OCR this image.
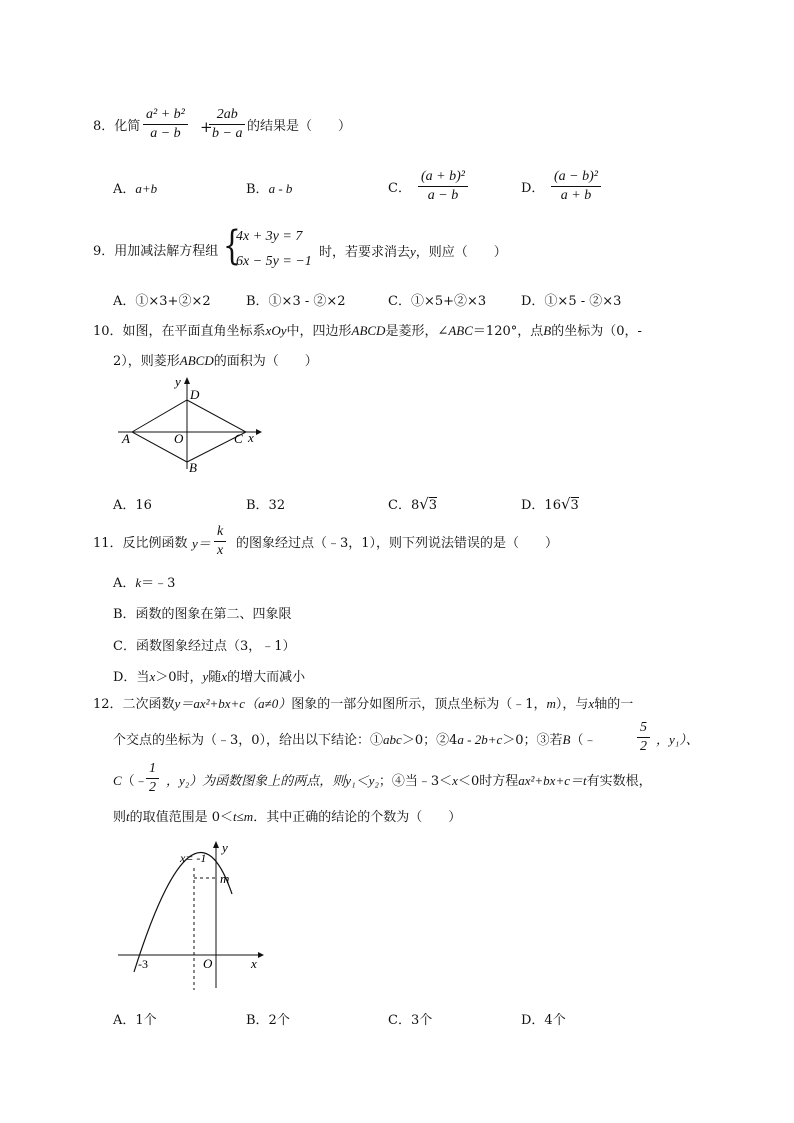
8．化简
a² + b²
a − b	+
2ab
b − a 的结果是（　　）
A．a+b	B．a - b	C．
(a + b)²
a − b	D．
(a − b)²
a + b
9．用加减法解方程组 {
4x + 3y = 7
6x − 5y = −1
时，若要求消去y，则应（　　）
A．①×3+②×2	B．①×3 - ②×2	C．①×5+②×3	D．①×5 - ②×3
10．如图，在平面直角坐标系xOy中，四边形ABCD是菱形，∠ABC＝120°，点B的坐标为（0，-
2），则菱形ABCD的面积为（　　）
y
D
A	O	C x
B
A．16	B．32	C．8√3	D．16√3
11．反比例函数 y＝
k
x 的图象经过点（﹣3，1），则下列说法错误的是（　　）
A．k＝﹣3
B．函数的图象在第二、四象限
C．函数图象经过点（3，﹣1）
D．当x＞0时，y随x的增大而减小
12．二次函数y＝ax²+bx+c（a≠0）图象的一部分如图所示，顶点坐标为（﹣1，m），与x轴的一
个交点的坐标为（﹣3，0），给出以下结论：①abc＞0；②4a - 2b+c＞0；③若B（﹣
5
2 ，y₁）、
C（﹣
1
2 ，y₂）为函数图象上的两点，则y₁＜y₂；④当﹣3＜x＜0时方程ax²+bx+c＝t有实数根，
则t的取值范围是 0＜t≤m．其中正确的结论的个数为（　　）
x= -1
y
m
-3	O	x
A．1个	B．2个	C．3个	D．4个
